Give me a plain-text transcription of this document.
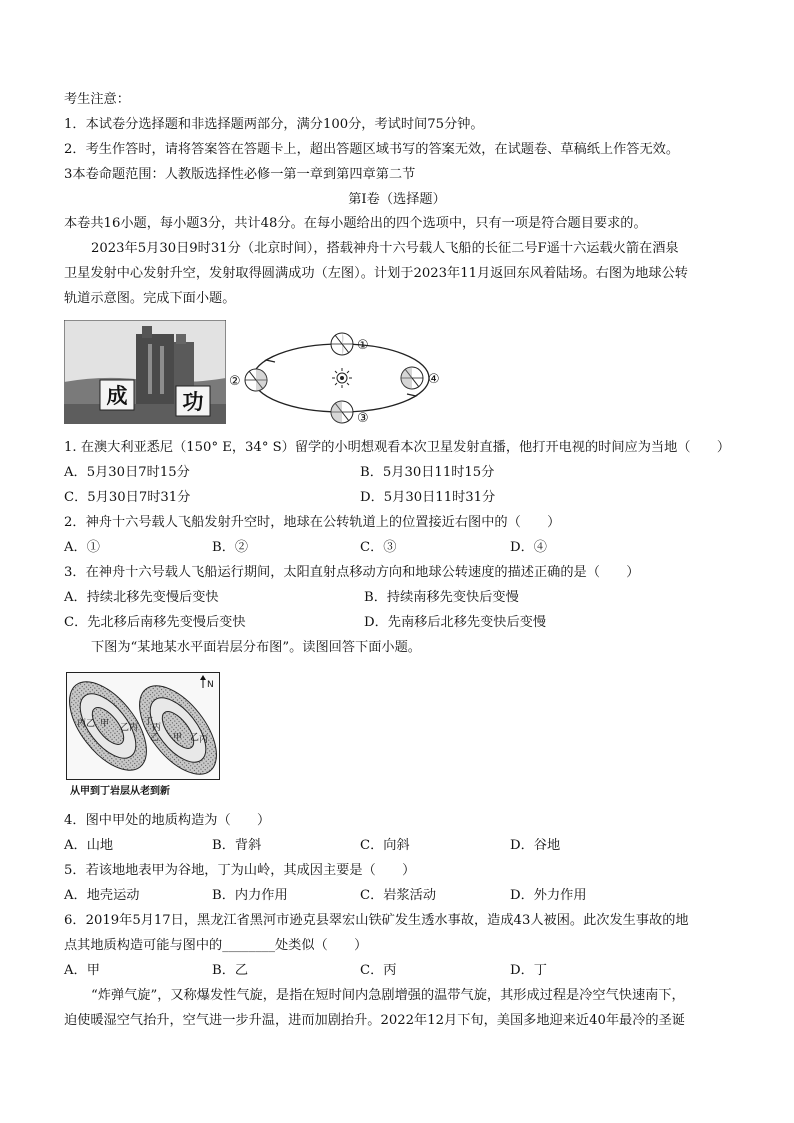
考生注意：
1．本试卷分选择题和非选择题两部分，满分100分，考试时间75分钟。
2．考生作答时，请将答案答在答题卡上，超出答题区域书写的答案无效，在试题卷、草稿纸上作答无效。
3本卷命题范围：人教版选择性必修一第一章到第四章第二节
第Ⅰ卷（选择题）
本卷共16小题，每小题3分，共计48分。在每小题给出的四个选项中，只有一项是符合题目要求的。
2023年5月30日9时31分（北京时间），搭载神舟十六号载人飞船的长征二号F遥十六运载火箭在酒泉
卫星发射中心发射升空，发射取得圆满成功（左图）。计划于2023年11月返回东风着陆场。右图为地球公转
轨道示意图。完成下面小题。
成	功
①
②
③
④
1. 在澳大利亚悉尼（150° E，34° S）留学的小明想观看本次卫星发射直播，他打开电视的时间应为当地（　　）
A．5月30日7时15分	B．5月30日11时15分
C．5月30日7时31分	D．5月30日11时31分
2．神舟十六号载人飞船发射升空时，地球在公转轨道上的位置接近右图中的（　　）
A．①	B．②	C．③	D．④
3．在神舟十六号载人飞船运行期间，太阳直射点移动方向和地球公转速度的描述正确的是（　　）
A．持续北移先变慢后变快	B．持续南移先变快后变慢
C．先北移后南移先变慢后变快	D．先南移后北移先变快后变慢
下图为“某地某水平面岩层分布图”。读图回答下面小题。
丙 乙 甲 乙 丙
丁
丙
乙 甲 乙 丙
N
从甲到丁岩层从老到新
4．图中甲处的地质构造为（　　）
A．山地	B．背斜	C．向斜	D．谷地
5．若该地地表甲为谷地，丁为山岭，其成因主要是（　　）
A．地壳运动	B．内力作用	C．岩浆活动	D．外力作用
6．2019年5月17日，黑龙江省黑河市逊克县翠宏山铁矿发生透水事故，造成43人被困。此次发生事故的地
点其地质构造可能与图中的________处类似（　　）
A．甲	B．乙	C．丙	D．丁
“炸弹气旋”，又称爆发性气旋，是指在短时间内急剧增强的温带气旋，其形成过程是冷空气快速南下，
迫使暖湿空气抬升，空气进一步升温，进而加剧抬升。2022年12月下旬，美国多地迎来近40年最冷的圣诞
